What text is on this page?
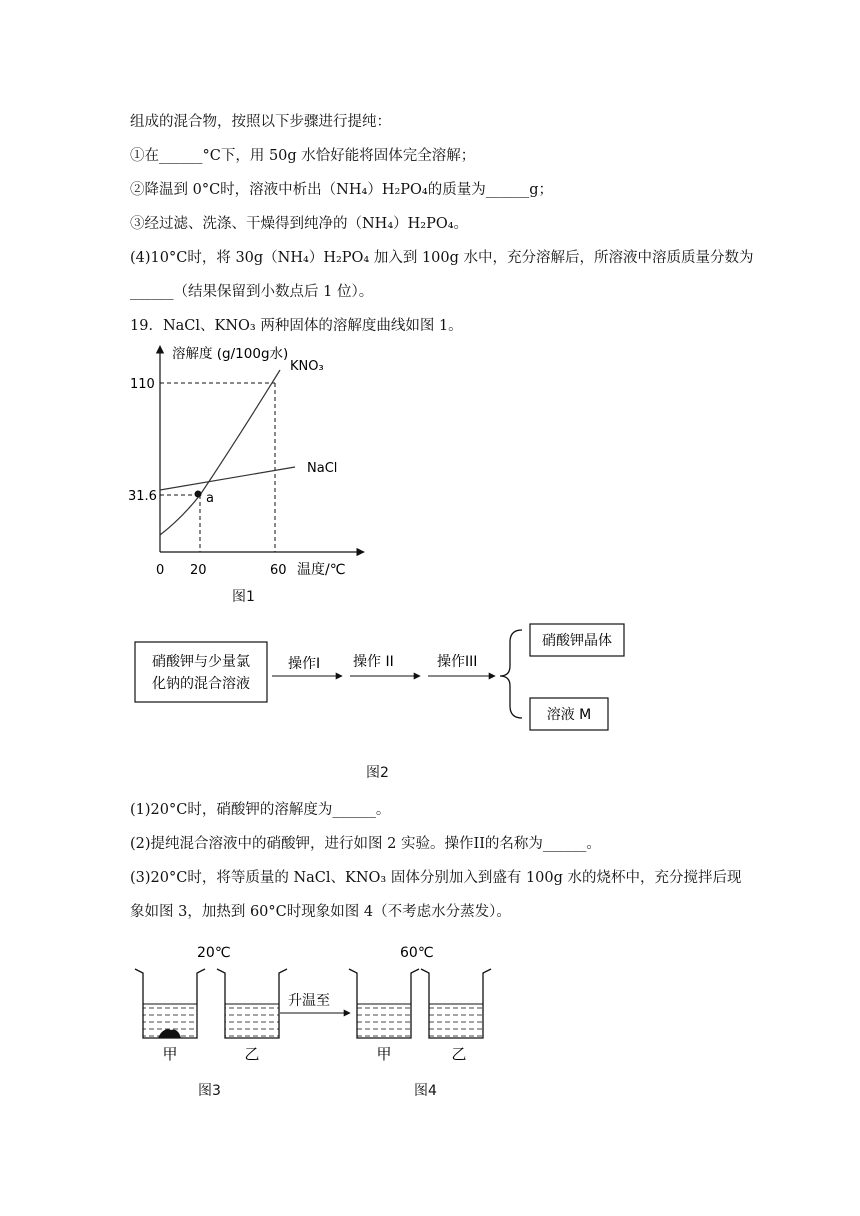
组成的混合物，按照以下步骤进行提纯：
①在______°C下，用 50g 水恰好能将固体完全溶解；
②降温到 0°C时，溶液中析出（NH₄）H₂PO₄的质量为______g；
③经过滤、洗涤、干燥得到纯净的（NH₄）H₂PO₄。
(4)10°C时，将 30g（NH₄）H₂PO₄ 加入到 100g 水中，充分溶解后，所溶液中溶质质量分数为
______（结果保留到小数点后 1 位）。
19．NaCl、KNO₃ 两种固体的溶解度曲线如图 1。
溶解度 (g/100g水)
温度/℃
110
31.6
0 20	60
KNO₃
NaCl
a
图1
硝酸钾与少量氯
化钠的混合溶液
操作I 操作 II	操作III
硝酸钾晶体
溶液 M
图2
(1)20°C时，硝酸钾的溶解度为______。
(2)提纯混合溶液中的硝酸钾，进行如图 2 实验。操作II的名称为______。
(3)20°C时，将等质量的 NaCl、KNO₃ 固体分别加入到盛有 100g 水的烧杯中，充分搅拌后现
象如图 3，加热到 60°C时现象如图 4（不考虑水分蒸发）。
20℃	60℃
升温至
甲	乙	甲	乙
图3	图4
